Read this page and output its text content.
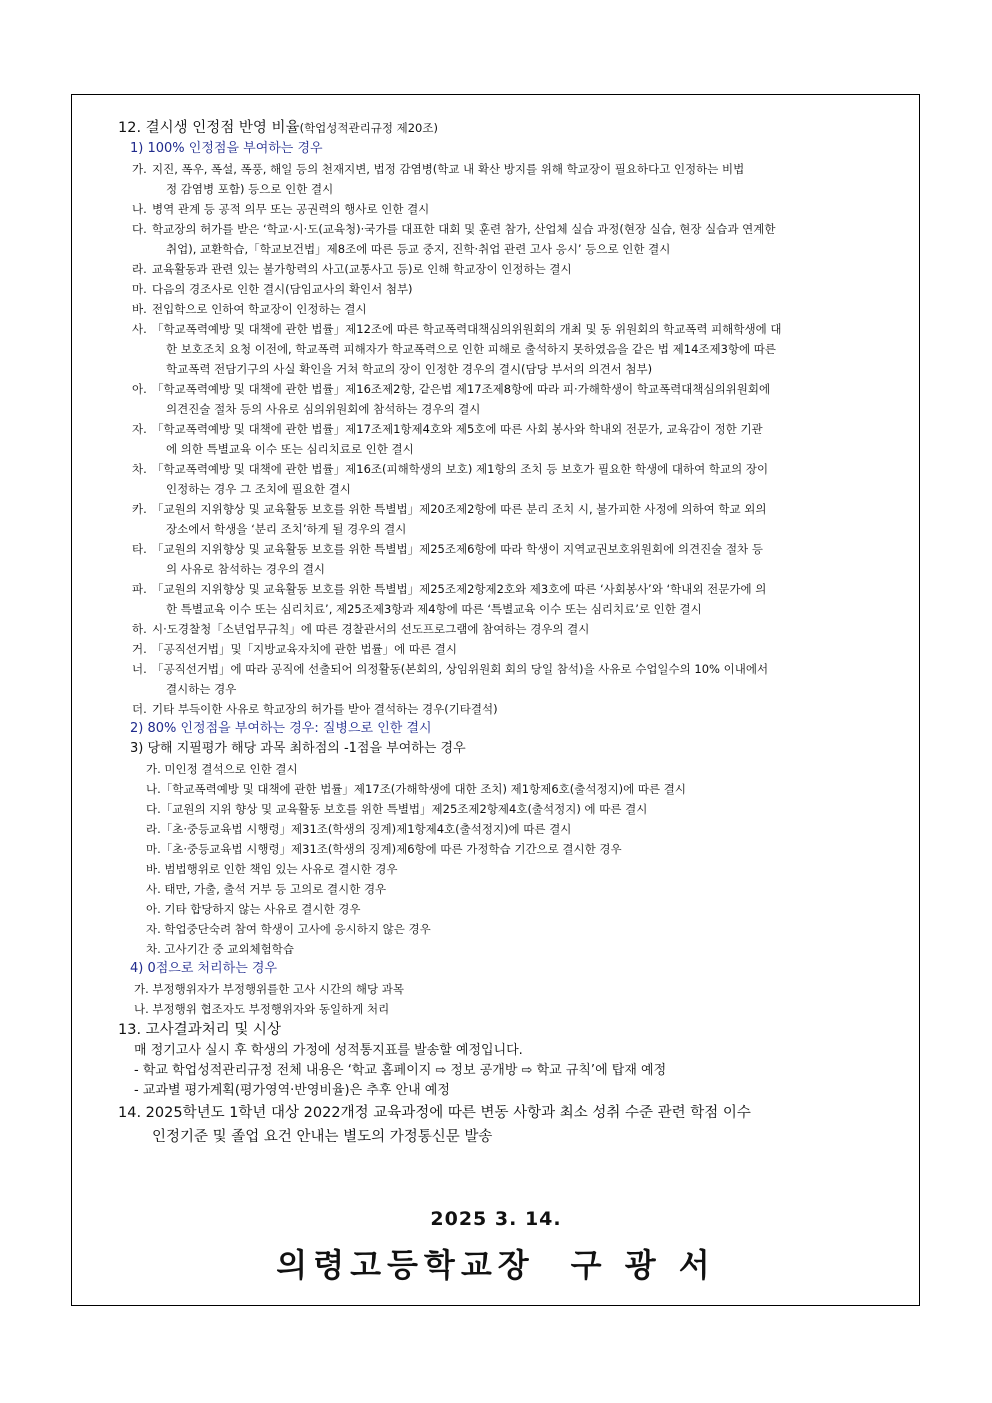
12. 결시생 인정점 반영 비율(학업성적관리규정 제20조)
1) 100% 인정점을 부여하는 경우
가. 지진, 폭우, 폭설, 폭풍, 해일 등의 천재지변, 법정 감염병(학교 내 확산 방지를 위해 학교장이 필요하다고 인정하는 비법
정 감염병 포함) 등으로 인한 결시
나. 병역 관계 등 공적 의무 또는 공권력의 행사로 인한 결시
다. 학교장의 허가를 받은 ‘학교·시·도(교육청)·국가를 대표한 대회 및 훈련 참가, 산업체 실습 과정(현장 실습, 현장 실습과 연계한
취업), 교환학습,「학교보건법」제8조에 따른 등교 중지, 진학·취업 관련 고사 응시’ 등으로 인한 결시
라. 교육활동과 관련 있는 불가항력의 사고(교통사고 등)로 인해 학교장이 인정하는 결시
마. 다음의 경조사로 인한 결시(담임교사의 확인서 첨부)
바. 전입학으로 인하여 학교장이 인정하는 결시
사. 「학교폭력예방 및 대책에 관한 법률」제12조에 따른 학교폭력대책심의위원회의 개최 및 동 위원회의 학교폭력 피해학생에 대
한 보호조치 요청 이전에, 학교폭력 피해자가 학교폭력으로 인한 피해로 출석하지 못하였음을 같은 법 제14조제3항에 따른
학교폭력 전담기구의 사실 확인을 거쳐 학교의 장이 인정한 경우의 결시(담당 부서의 의견서 첨부)
아. 「학교폭력예방 및 대책에 관한 법률」제16조제2항, 같은법 제17조제8항에 따라 피·가해학생이 학교폭력대책심의위원회에
의견진술 절차 등의 사유로 심의위원회에 참석하는 경우의 결시
자. 「학교폭력예방 및 대책에 관한 법률」제17조제1항제4호와 제5호에 따른 사회 봉사와 학내외 전문가, 교육감이 정한 기관
에 의한 특별교육 이수 또는 심리치료로 인한 결시
차. 「학교폭력예방 및 대책에 관한 법률」제16조(피해학생의 보호) 제1항의 조치 등 보호가 필요한 학생에 대하여 학교의 장이
인정하는 경우 그 조치에 필요한 결시
카. 「교원의 지위향상 및 교육활동 보호를 위한 특별법」제20조제2항에 따른 분리 조치 시, 불가피한 사정에 의하여 학교 외의
장소에서 학생을 ‘분리 조치’하게 될 경우의 결시
타. 「교원의 지위향상 및 교육활동 보호를 위한 특별법」제25조제6항에 따라 학생이 지역교권보호위원회에 의견진술 절차 등
의 사유로 참석하는 경우의 결시
파. 「교원의 지위향상 및 교육활동 보호를 위한 특별법」제25조제2항제2호와 제3호에 따른 ‘사회봉사’와 ‘학내외 전문가에 의
한 특별교육 이수 또는 심리치료’, 제25조제3항과 제4항에 따른 ‘특별교육 이수 또는 심리치료’로 인한 결시
하. 시·도경찰청「소년업무규칙」에 따른 경찰관서의 선도프로그램에 참여하는 경우의 결시
거. 「공직선거법」및「지방교육자치에 관한 법률」에 따른 결시
너. 「공직선거법」에 따라 공직에 선출되어 의정활동(본회의, 상임위원회 회의 당일 참석)을 사유로 수업일수의 10% 이내에서
결시하는 경우
더. 기타 부득이한 사유로 학교장의 허가를 받아 결석하는 경우(기타결석)
2) 80% 인정점을 부여하는 경우: 질병으로 인한 결시
3) 당해 지필평가 해당 과목 최하점의 -1점을 부여하는 경우
가. 미인정 결석으로 인한 결시
나.「학교폭력예방 및 대책에 관한 법률」제17조(가해학생에 대한 조치) 제1항제6호(출석정지)에 따른 결시
다.「교원의 지위 향상 및 교육활동 보호를 위한 특별법」제25조제2항제4호(출석정지) 에 따른 결시
라.「초·중등교육법 시행령」제31조(학생의 징계)제1항제4호(출석정지)에 따른 결시
마.「초·중등교육법 시행령」제31조(학생의 징계)제6항에 따른 가정학습 기간으로 결시한 경우
바. 범법행위로 인한 책임 있는 사유로 결시한 경우
사. 태만, 가출, 출석 거부 등 고의로 결시한 경우
아. 기타 합당하지 않는 사유로 결시한 경우
자. 학업중단숙려 참여 학생이 고사에 응시하지 않은 경우
차. 고사기간 중 교외체험학습
4) 0점으로 처리하는 경우
가. 부정행위자가 부정행위를한 고사 시간의 해당 과목
나. 부정행위 협조자도 부정행위자와 동일하게 처리
13. 고사결과처리 및 시상
매 정기고사 실시 후 학생의 가정에 성적통지표를 발송할 예정입니다.
- 학교 학업성적관리규정 전체 내용은 ‘학교 홈페이지 ⇨ 정보 공개방 ⇨ 학교 규칙’에 탑재 예정
- 교과별 평가계획(평가영역·반영비율)은 추후 안내 예정
14. 2025학년도 1학년 대상 2022개정 교육과정에 따른 변동 사항과 최소 성취 수준 관련 학점 이수
인정기준 및 졸업 요건 안내는 별도의 가정통신문 발송
2025 3. 14.
의령고등학교장 구 광 서
